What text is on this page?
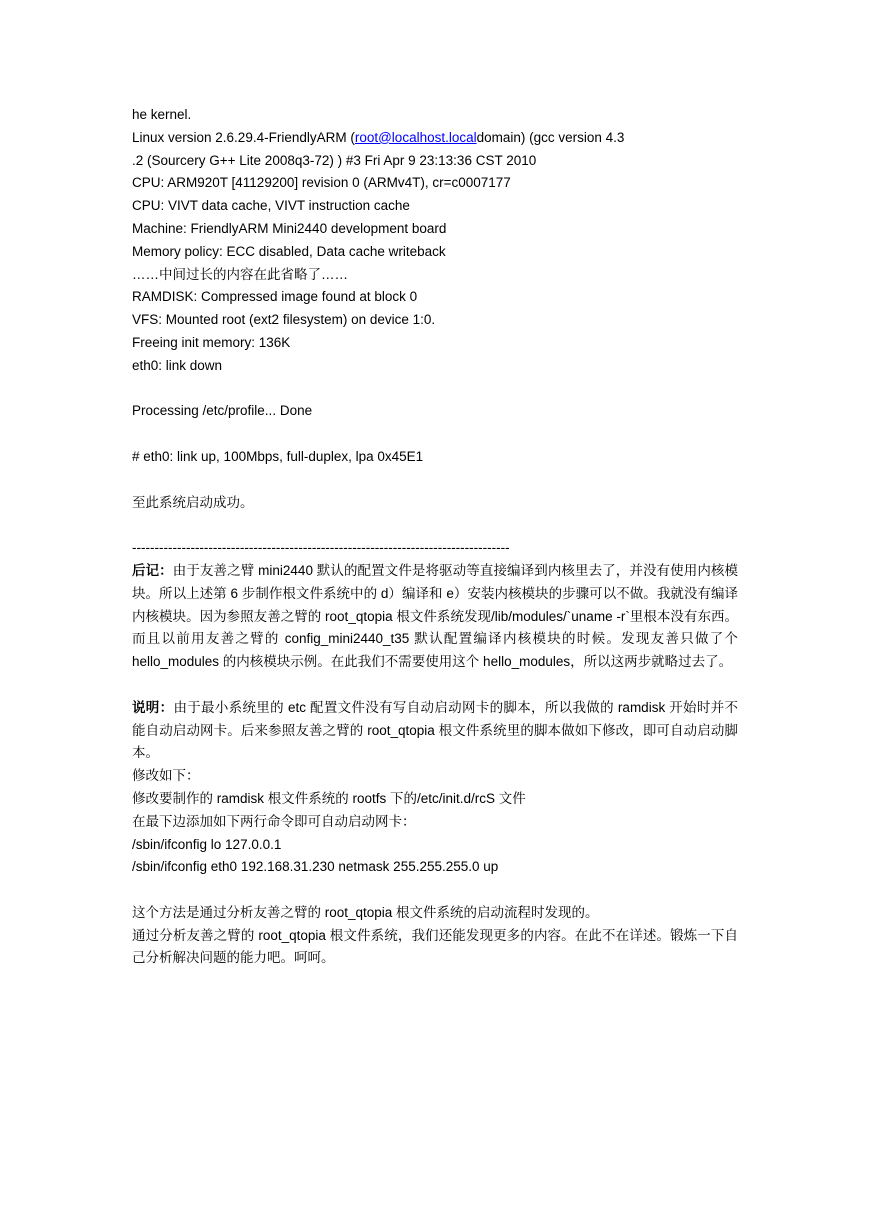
he kernel.
Linux version 2.6.29.4-FriendlyARM (root@localhost.localdomain) (gcc version 4.3
.2 (Sourcery G++ Lite 2008q3-72) ) #3 Fri Apr 9 23:13:36 CST 2010
CPU: ARM920T [41129200] revision 0 (ARMv4T), cr=c0007177
CPU: VIVT data cache, VIVT instruction cache
Machine: FriendlyARM Mini2440 development board
Memory policy: ECC disabled, Data cache writeback
……中间过长的内容在此省略了……
RAMDISK: Compressed image found at block 0
VFS: Mounted root (ext2 filesystem) on device 1:0.
Freeing init memory: 136K
eth0: link down
Processing /etc/profile... Done
# eth0: link up, 100Mbps, full-duplex, lpa 0x45E1
至此系统启动成功。
------------------------------------------------------------------------------------
后记：由于友善之臂 mini2440 默认的配置文件是将驱动等直接编译到内核里去了，并没有使用内核模块。所以上述第 6 步制作根文件系统中的 d）编译和 e）安装内核模块的步骤可以不做。我就没有编译内核模块。因为参照友善之臂的 root_qtopia 根文件系统发现/lib/modules/`uname -r`里根本没有东西。而且以前用友善之臂的 config_mini2440_t35 默认配置编译内核模块的时候。发现友善只做了个 hello_modules 的内核模块示例。在此我们不需要使用这个 hello_modules，所以这两步就略过去了。
说明：由于最小系统里的 etc 配置文件没有写自动启动网卡的脚本，所以我做的 ramdisk 开始时并不能自动启动网卡。后来参照友善之臂的 root_qtopia 根文件系统里的脚本做如下修改，即可自动启动脚本。
修改如下：
修改要制作的 ramdisk 根文件系统的 rootfs 下的/etc/init.d/rcS 文件
在最下边添加如下两行命令即可自动启动网卡：
/sbin/ifconfig lo 127.0.0.1
/sbin/ifconfig eth0 192.168.31.230 netmask 255.255.255.0 up
这个方法是通过分析友善之臂的 root_qtopia 根文件系统的启动流程时发现的。
通过分析友善之臂的 root_qtopia 根文件系统，我们还能发现更多的内容。在此不在详述。锻炼一下自己分析解决问题的能力吧。呵呵。
